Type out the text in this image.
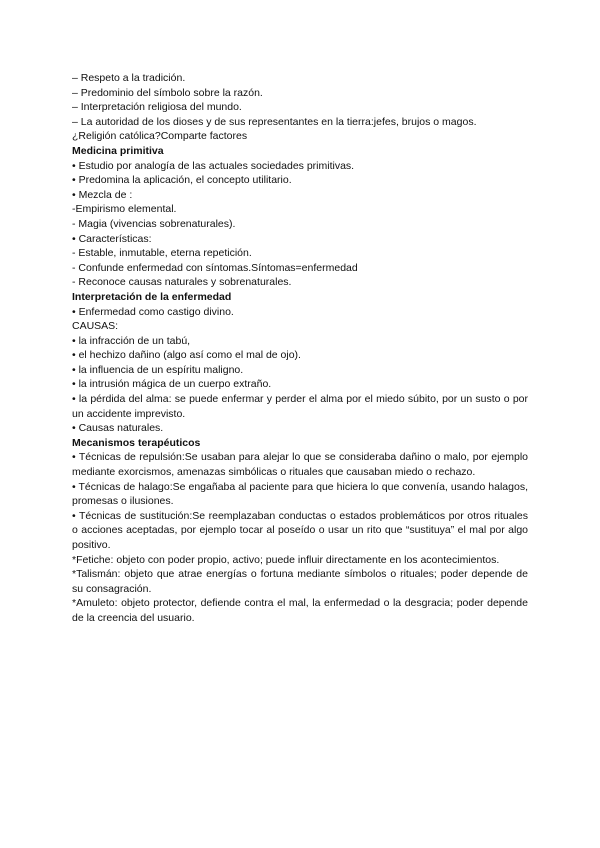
– Respeto a la tradición.

– Predominio del símbolo sobre la razón.

– Interpretación religiosa del mundo.

– La autoridad de los dioses y de sus representantes en la tierra:jefes, brujos o magos.

¿Religión católica?Comparte factores

Medicina primitiva

• Estudio por analogía de las actuales sociedades primitivas.

• Predomina la aplicación, el concepto utilitario.

• Mezcla de :

-Empirismo elemental.

- Magia (vivencias sobrenaturales).

• Características:

- Estable, inmutable, eterna repetición.

- Confunde enfermedad con síntomas.Síntomas=enfermedad

- Reconoce causas naturales y sobrenaturales.

Interpretación de la enfermedad

• Enfermedad como castigo divino.

CAUSAS:

• la infracción de un tabú,

• el hechizo dañino (algo así como el mal de ojo).

• la influencia de un espíritu maligno.

• la intrusión mágica de un cuerpo extraño.

• la pérdida del alma: se puede enfermar y perder el alma por el miedo súbito, por un susto o por un accidente imprevisto.

• Causas naturales.

Mecanismos terapéuticos

• Técnicas de repulsión:Se usaban para alejar lo que se consideraba dañino o malo, por ejemplo mediante exorcismos, amenazas simbólicas o rituales que causaban miedo o rechazo.

• Técnicas de halago:Se engañaba al paciente para que hiciera lo que convenía, usando halagos, promesas o ilusiones.

• Técnicas de sustitución:Se reemplazaban conductas o estados problemáticos por otros rituales o acciones aceptadas, por ejemplo tocar al poseído o usar un rito que “sustituya” el mal por algo positivo.

*Fetiche: objeto con poder propio, activo; puede influir directamente en los acontecimientos.

*Talismán: objeto que atrae energías o fortuna mediante símbolos o rituales; poder depende de su consagración.

*Amuleto: objeto protector, defiende contra el mal, la enfermedad o la desgracia; poder depende de la creencia del usuario.
